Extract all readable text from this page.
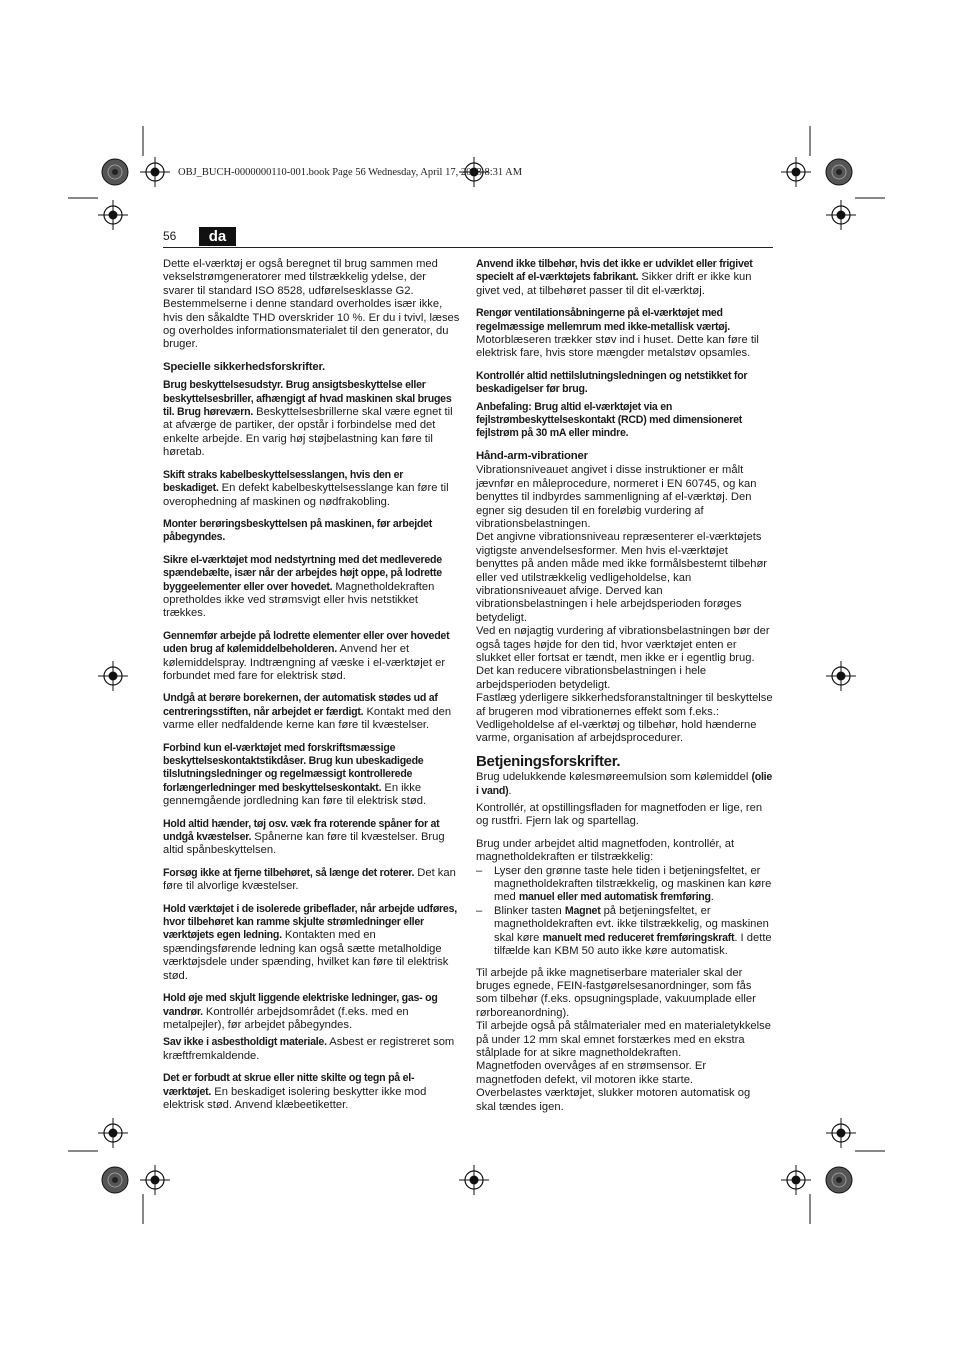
OBJ_BUCH-0000000110-001.book Page 56 Wednesday, April 17, 2013 8:31 AM
56	da

Dette el-værktøj er også beregnet til brug sammen med vekselstrømgeneratorer med tilstrækkelig ydelse, der svarer til standard ISO 8528, udførelsesklasse G2. Bestemmelserne i denne standard overholdes især ikke, hvis den såkaldte THD overskrider 10 %. Er du i tvivl, læses og overholdes informationsmaterialet til den generator, du bruger.

Specielle sikkerhedsforskrifter.

Brug beskyttelsesudstyr. Brug ansigtsbeskyttelse eller beskyttelsesbriller, afhængigt af hvad maskinen skal bruges til. Brug høreværn. Beskyttelsesbrillerne skal være egnet til at afværge de partiker, der opstår i forbindelse med det enkelte arbejde. En varig høj støjbelastning kan føre til høretab.

Skift straks kabelbeskyttelsesslangen, hvis den er beskadiget. En defekt kabelbeskyttelsesslange kan føre til overophedning af maskinen og nødfrakobling.

Monter berøringsbeskyttelsen på maskinen, før arbejdet påbegyndes.

Sikre el-værktøjet mod nedstyrtning med det medleverede spændebælte, især når der arbejdes højt oppe, på lodrette byggeelementer eller over hovedet. Magnetholdekraften opretholdes ikke ved strømsvigt eller hvis netstikket trækkes.

Gennemfør arbejde på lodrette elementer eller over hovedet uden brug af kølemiddelbeholderen. Anvend her et kølemiddelspray. Indtrængning af væske i el-værktøjet er forbundet med fare for elektrisk stød.

Undgå at berøre borekernen, der automatisk stødes ud af centreringsstiften, når arbejdet er færdigt. Kontakt med den varme eller nedfaldende kerne kan føre til kvæstelser.

Forbind kun el-værktøjet med forskriftsmæssige beskyttelseskontaktstikdåser. Brug kun ubeskadigede tilslutningsledninger og regelmæssigt kontrollerede forlængerledninger med beskyttelseskontakt. En ikke gennemgående jordledning kan føre til elektrisk stød.

Hold altid hænder, tøj osv. væk fra roterende spåner for at undgå kvæstelser. Spånerne kan føre til kvæstelser. Brug altid spånbeskyttelsen.

Forsøg ikke at fjerne tilbehøret, så længe det roterer. Det kan føre til alvorlige kvæstelser.

Hold værktøjet i de isolerede gribeflader, når arbejde udføres, hvor tilbehøret kan ramme skjulte strømledninger eller værktøjets egen ledning. Kontakten med en spændingsførende ledning kan også sætte metalholdige værktøjsdele under spænding, hvilket kan føre til elektrisk stød.

Hold øje med skjult liggende elektriske ledninger, gas- og vandrør. Kontrollér arbejdsområdet (f.eks. med en metalpejler), før arbejdet påbegyndes.

Sav ikke i asbestholdigt materiale. Asbest er registreret som kræftfremkaldende.

Det er forbudt at skrue eller nitte skilte og tegn på el-værktøjet. En beskadiget isolering beskytter ikke mod elektrisk stød. Anvend klæbeetiketter.

Anvend ikke tilbehør, hvis det ikke er udviklet eller frigivet specielt af el-værktøjets fabrikant. Sikker drift er ikke kun givet ved, at tilbehøret passer til dit el-værktøj.

Rengør ventilationsåbningerne på el-værktøjet med regelmæssige mellemrum med ikke-metallisk værtøj. Motorblæseren trækker støv ind i huset. Dette kan føre til elektrisk fare, hvis store mængder metalstøv opsamles.

Kontrollér altid nettilslutningsledningen og netstikket for beskadigelser før brug.

Anbefaling: Brug altid el-værktøjet via en fejlstrømbeskyttelseskontakt (RCD) med dimensioneret fejlstrøm på 30 mA eller mindre.

Hånd-arm-vibrationer

Vibrationsniveauet angivet i disse instruktioner er målt jævnfør en måleprocedure, normeret i EN 60745, og kan benyttes til indbyrdes sammenligning af el-værktøj. Den egner sig desuden til en foreløbig vurdering af vibrationsbelastningen.

Det angivne vibrationsniveau repræsenterer el-værktøjets vigtigste anvendelsesformer. Men hvis el-værktøjet benyttes på anden måde med ikke formålsbestemt tilbehør eller ved utilstrækkelig vedligeholdelse, kan vibrationsniveauet afvige. Derved kan vibrationsbelastningen i hele arbejdsperioden forøges betydeligt.

Ved en nøjagtig vurdering af vibrationsbelastningen bør der også tages højde for den tid, hvor værktøjet enten er slukket eller fortsat er tændt, men ikke er i egentlig brug. Det kan reducere vibrationsbelastningen i hele arbejdsperioden betydeligt.

Fastlæg yderligere sikkerhedsforanstaltninger til beskyttelse af brugeren mod vibrationernes effekt som f.eks.: Vedligeholdelse af el-værktøj og tilbehør, hold hænderne varme, organisation af arbejdsprocedurer.

Betjeningsforskrifter.

Brug udelukkende kølesmøreemulsion som kølemiddel (olie i vand).

Kontrollér, at opstillingsfladen for magnetfoden er lige, ren og rustfri. Fjern lak og spartellag.

Brug under arbejdet altid magnetfoden, kontrollér, at magnetholdekraften er tilstrækkelig:

– Lyser den grønne taste hele tiden i betjeningsfeltet, er magnetholdekraften tilstrækkelig, og maskinen kan køre med manuel eller med automatisk fremføring.
– Blinker tasten Magnet på betjeningsfeltet, er magnetholdekraften evt. ikke tilstrækkelig, og maskinen skal køre manuelt med reduceret fremføringskraft. I dette tilfælde kan KBM 50 auto ikke køre automatisk.

Til arbejde på ikke magnetiserbare materialer skal der bruges egnede, FEIN-fastgørelsesanordninger, som fås som tilbehør (f.eks. opsugningsplade, vakuumplade eller rørboreanordning).

Til arbejde også på stålmaterialer med en materialetykkelse på under 12 mm skal emnet forstærkes med en ekstra stålplade for at sikre magnetholdekraften.

Magnetfoden overvåges af en strømsensor. Er magnetfoden defekt, vil motoren ikke starte.

Overbelastes værktøjet, slukker motoren automatisk og skal tændes igen.
